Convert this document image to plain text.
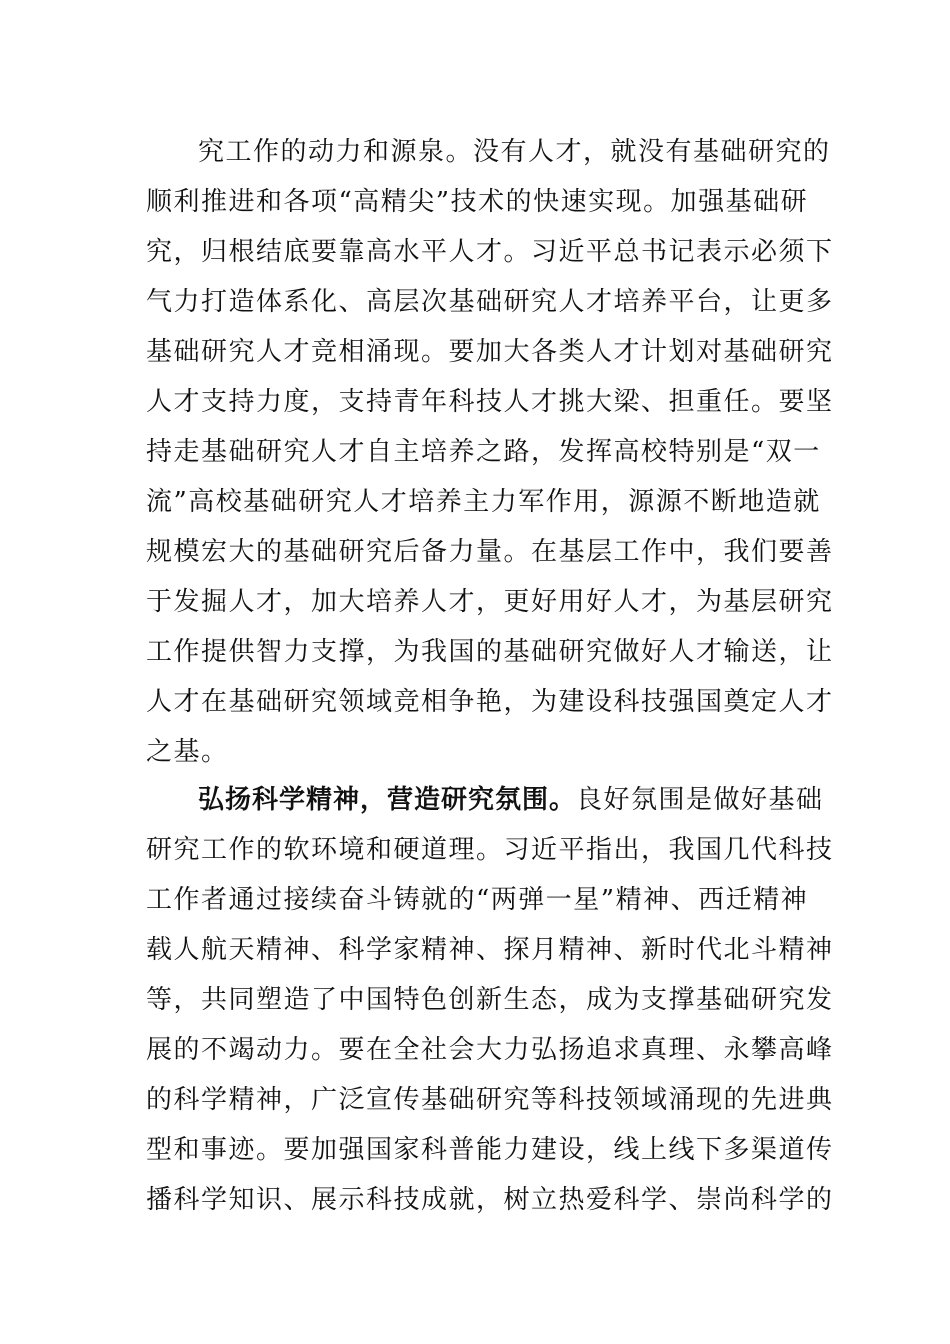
究工作的动力和源泉。没有人才，就没有基础研究的
顺利推进和各项“高精尖”技术的快速实现。加强基础研
究，归根结底要靠高水平人才。习近平总书记表示必须下
气力打造体系化、高层次基础研究人才培养平台，让更多
基础研究人才竞相涌现。要加大各类人才计划对基础研究
人才支持力度，支持青年科技人才挑大梁、担重任。要坚
持走基础研究人才自主培养之路，发挥高校特别是“双一
流”高校基础研究人才培养主力军作用，源源不断地造就
规模宏大的基础研究后备力量。在基层工作中，我们要善
于发掘人才，加大培养人才，更好用好人才，为基层研究
工作提供智力支撑，为我国的基础研究做好人才输送，让
人才在基础研究领域竞相争艳，为建设科技强国奠定人才
之基。
弘扬科学精神，营造研究氛围。良好氛围是做好基础
研究工作的软环境和硬道理。习近平指出，我国几代科技
工作者通过接续奋斗铸就的“两弹一星”精神、西迁精神
载人航天精神、科学家精神、探月精神、新时代北斗精神
等，共同塑造了中国特色创新生态，成为支撑基础研究发
展的不竭动力。要在全社会大力弘扬追求真理、永攀高峰
的科学精神，广泛宣传基础研究等科技领域涌现的先进典
型和事迹。要加强国家科普能力建设，线上线下多渠道传
播科学知识、展示科技成就，树立热爱科学、崇尚科学的
